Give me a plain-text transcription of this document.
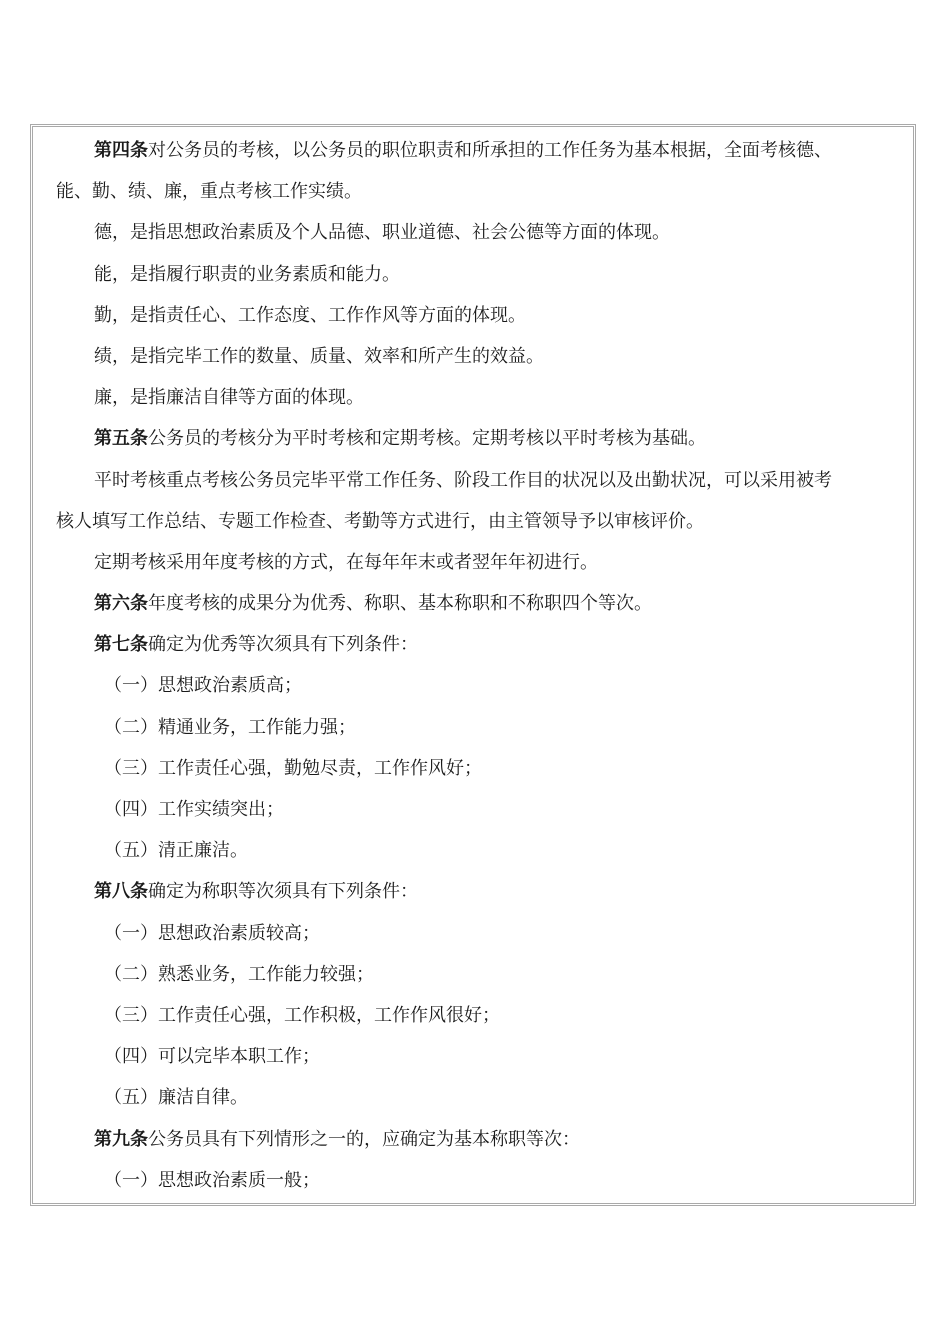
第四条对公务员的考核，以公务员的职位职责和所承担的工作任务为基本根据，全面考核德、
能、勤、绩、廉，重点考核工作实绩。
德，是指思想政治素质及个人品德、职业道德、社会公德等方面的体现。
能，是指履行职责的业务素质和能力。
勤，是指责任心、工作态度、工作作风等方面的体现。
绩，是指完毕工作的数量、质量、效率和所产生的效益。
廉，是指廉洁自律等方面的体现。
第五条公务员的考核分为平时考核和定期考核。定期考核以平时考核为基础。
平时考核重点考核公务员完毕平常工作任务、阶段工作目的状况以及出勤状况，可以采用被考
核人填写工作总结、专题工作检查、考勤等方式进行，由主管领导予以审核评价。
定期考核采用年度考核的方式，在每年年末或者翌年年初进行。
第六条年度考核的成果分为优秀、称职、基本称职和不称职四个等次。
第七条确定为优秀等次须具有下列条件：
（一）思想政治素质高；
（二）精通业务，工作能力强；
（三）工作责任心强，勤勉尽责，工作作风好；
（四）工作实绩突出；
（五）清正廉洁。
第八条确定为称职等次须具有下列条件：
（一）思想政治素质较高；
（二）熟悉业务，工作能力较强；
（三）工作责任心强，工作积极，工作作风很好；
（四）可以完毕本职工作；
（五）廉洁自律。
第九条公务员具有下列情形之一的，应确定为基本称职等次：
（一）思想政治素质一般；
